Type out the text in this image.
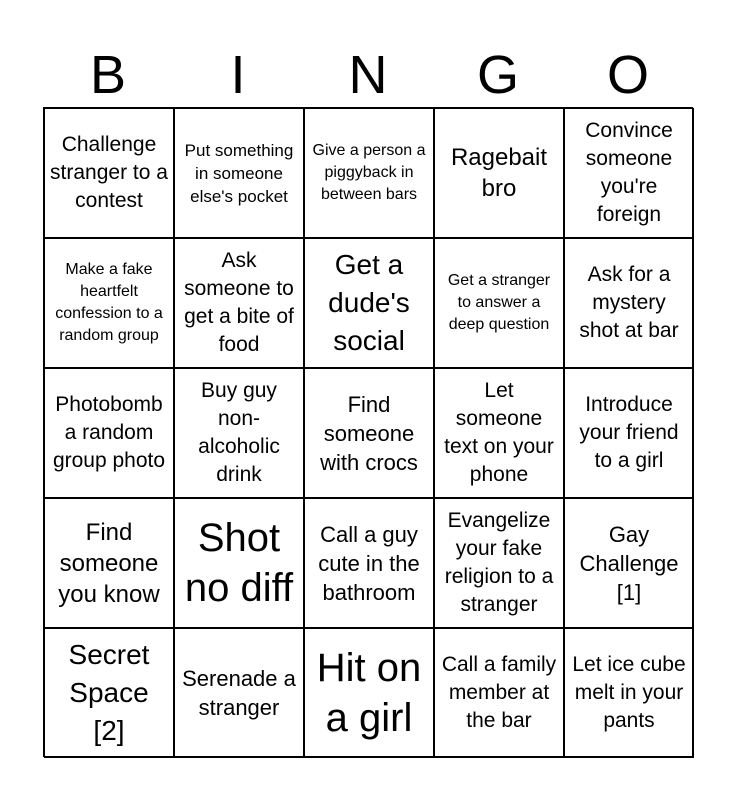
B	I	N	G	O
Challenge stranger to a contest
Put something in someone else's pocket
Give a person a piggyback in between bars
Ragebait bro
Convince someone you're foreign
Make a fake heartfelt confession to a random group
Ask someone to get a bite of food
Get a dude's social
Get a stranger to answer a deep question
Ask for a mystery shot at bar
Photobomb a random group photo
Buy guy non-alcoholic drink
Find someone with crocs
Let someone text on your phone
Introduce your friend to a girl
Find someone you know
Shot no diff
Call a guy cute in the bathroom
Evangelize your fake religion to a stranger
Gay Challenge [1]
Secret Space [2]
Serenade a stranger
Hit on a girl
Call a family member at the bar
Let ice cube melt in your pants
